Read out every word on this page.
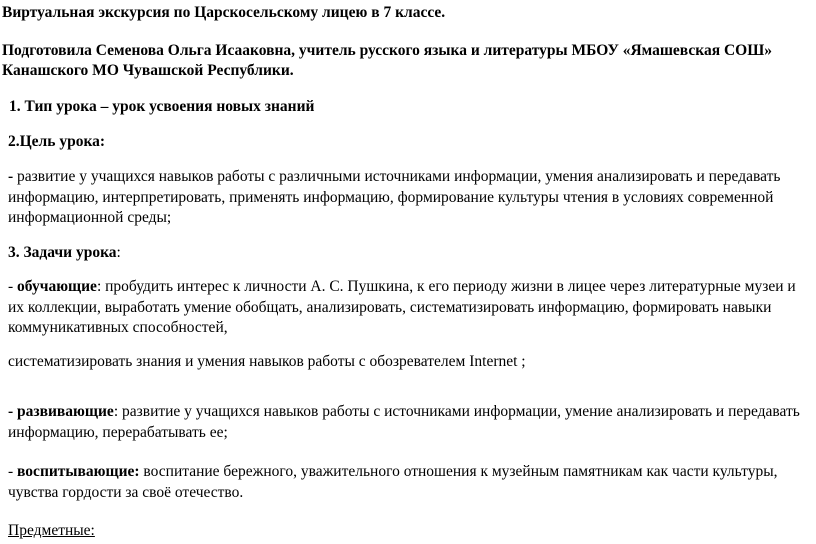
Виртуальная экскурсия по Царскосельскому лицею в 7 классе.
Подготовила Семенова Ольга Исааковна, учитель русского языка и литературы МБОУ «Ямашевская СОШ»
Канашского МО Чувашской Республики.
1. Тип урока – урок усвоения новых знаний
2.Цель урока:
- развитие у учащихся навыков работы с различными источниками информации, умения анализировать и передавать
информацию, интерпретировать, применять информацию, формирование культуры чтения в условиях современной
информационной среды;
3. Задачи урока:
- обучающие: пробудить интерес к личности А. С. Пушкина, к его периоду жизни в лицее через литературные музеи и
их коллекции, выработать умение обобщать, анализировать, систематизировать информацию, формировать навыки
коммуникативных способностей,
систематизировать знания и умения навыков работы с обозревателем Internet ;
- развивающие: развитие у учащихся навыков работы с источниками информации, умение анализировать и передавать
информацию, перерабатывать ее;
- воспитывающие: воспитание бережного, уважительного отношения к музейным памятникам как части культуры,
чувства гордости за своё отечество.
Предметные:
